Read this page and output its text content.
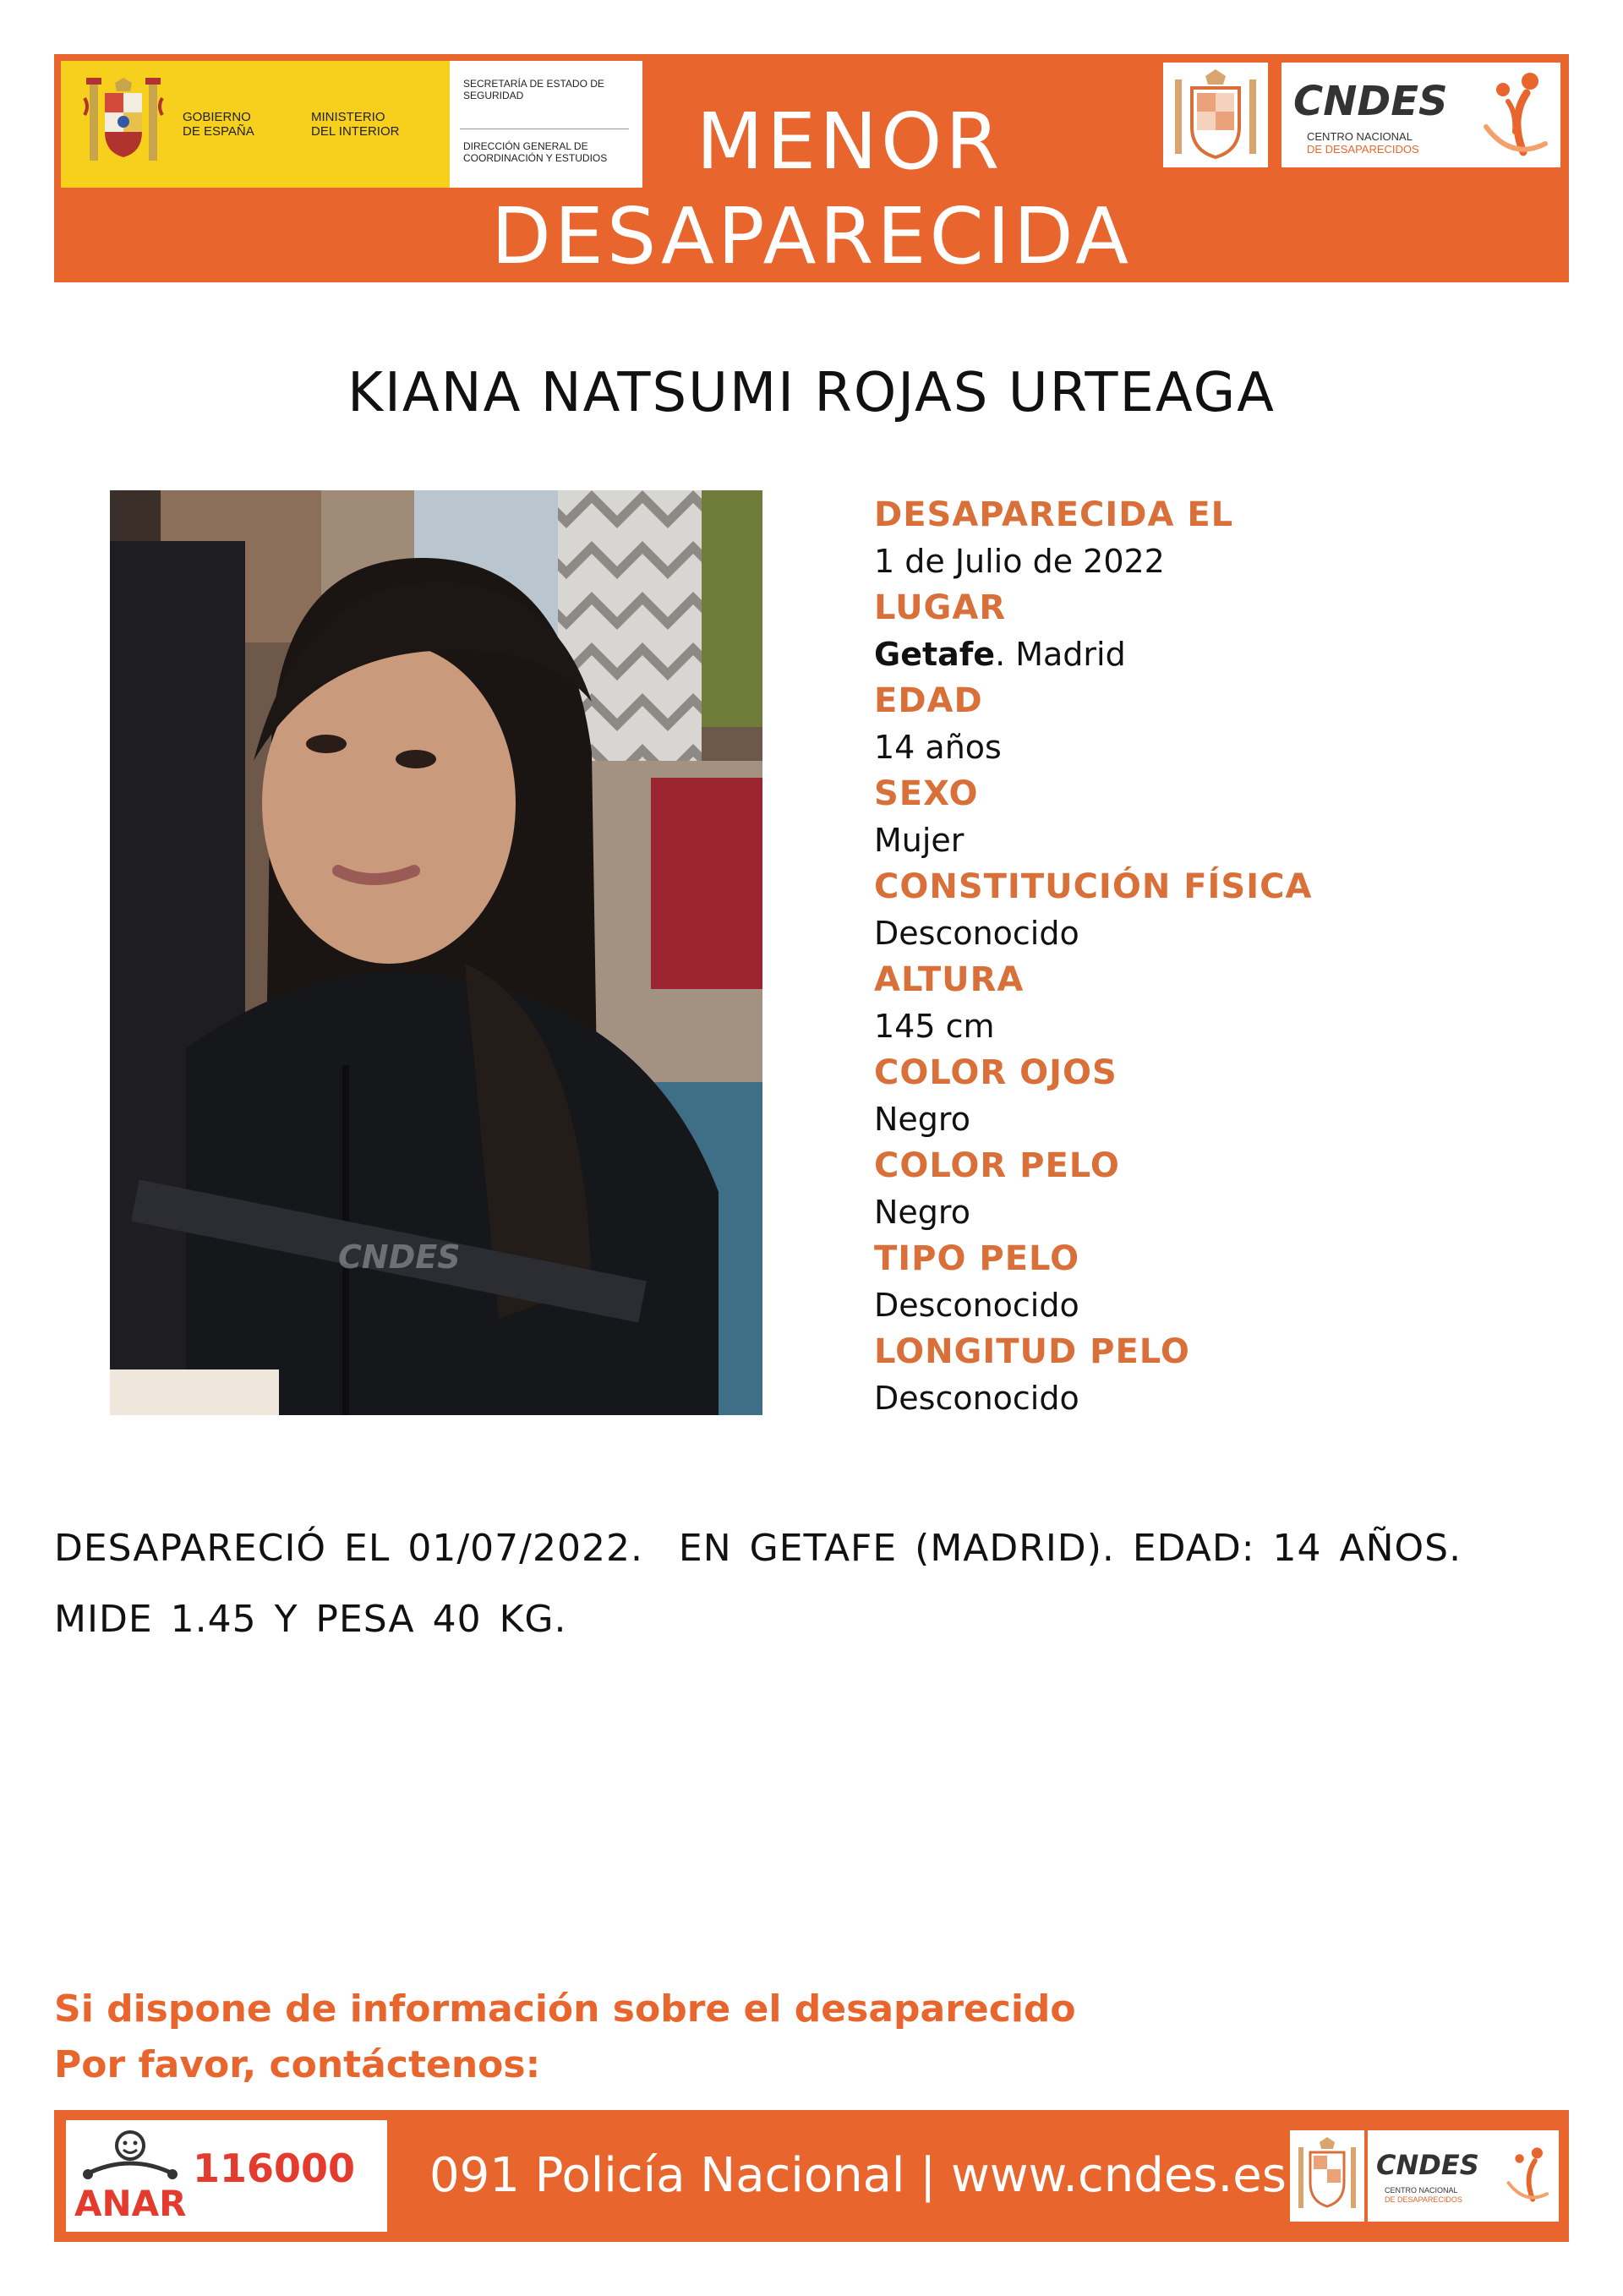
GOBIERNO
DE ESPAÑA
MINISTERIO
DEL INTERIOR
SECRETARÍA DE ESTADO DE SEGURIDAD
DIRECCIÓN GENERAL DE COORDINACIÓN Y ESTUDIOS	MENOR
DESAPARECIDA
CNDES
CENTRO NACIONAL
DE DESAPARECIDOS
KIANA NATSUMI ROJAS URTEAGA
CNDES
DESAPARECIDA EL
1 de Julio de 2022
LUGAR
Getafe. Madrid
EDAD
14 años
SEXO
Mujer
CONSTITUCIÓN FÍSICA
Desconocido
ALTURA
145 cm
COLOR OJOS
Negro
COLOR PELO
Negro
TIPO PELO
Desconocido
LONGITUD PELO
Desconocido
DESAPARECIÓ EL 01/07/2022.  EN GETAFE (MADRID). EDAD: 14 AÑOS.
MIDE 1.45 Y PESA 40 KG.
Si dispone de información sobre el desaparecido
Por favor, contáctenos:
ANAR
116000 091 Policía Nacional | www.cndes.es	CNDES
CENTRO NACIONAL
DE DESAPARECIDOS
